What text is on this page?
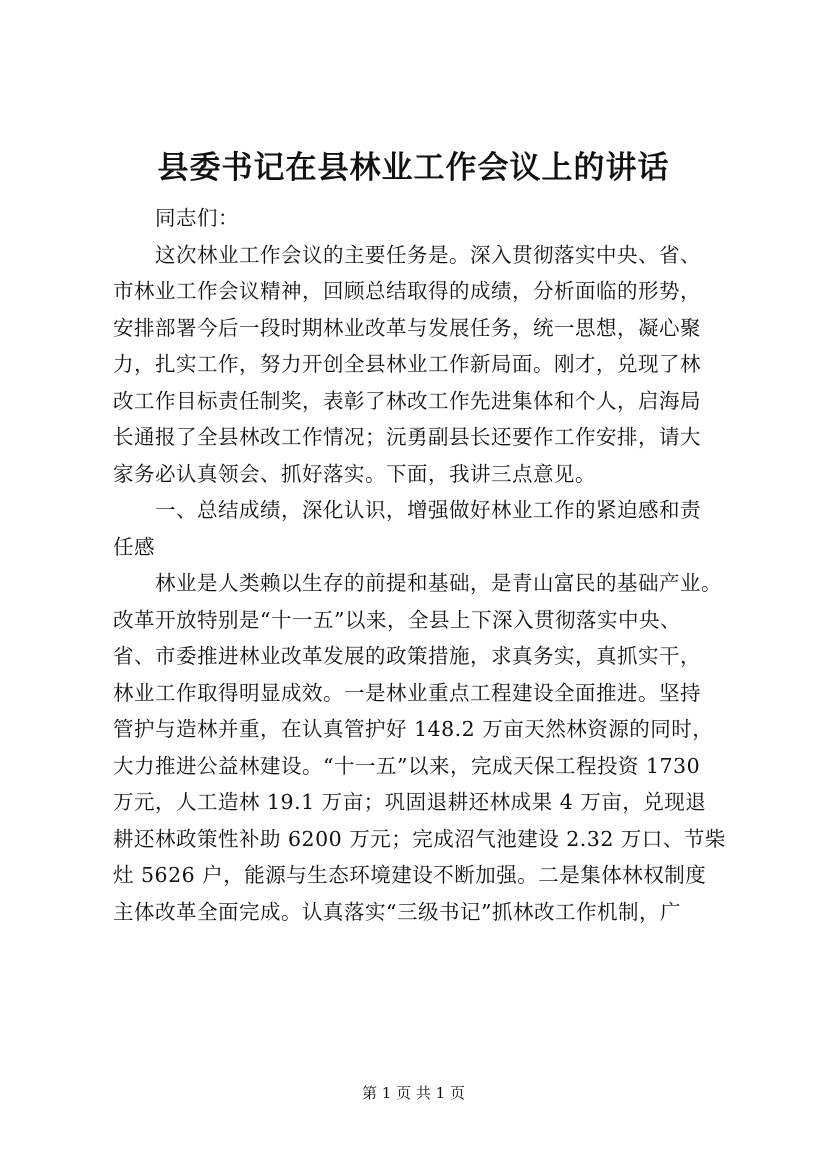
县委书记在县林业工作会议上的讲话
同志们：
这次林业工作会议的主要任务是。深入贯彻落实中央、省、
市林业工作会议精神，回顾总结取得的成绩，分析面临的形势，
安排部署今后一段时期林业改革与发展任务，统一思想，凝心聚
力，扎实工作，努力开创全县林业工作新局面。刚才，兑现了林
改工作目标责任制奖，表彰了林改工作先进集体和个人，启海局
长通报了全县林改工作情况；沅勇副县长还要作工作安排，请大
家务必认真领会、抓好落实。下面，我讲三点意见。
一、总结成绩，深化认识，增强做好林业工作的紧迫感和责
任感
林业是人类赖以生存的前提和基础，是青山富民的基础产业。
改革开放特别是“十一五”以来，全县上下深入贯彻落实中央、
省、市委推进林业改革发展的政策措施，求真务实，真抓实干，
林业工作取得明显成效。一是林业重点工程建设全面推进。坚持
管护与造林并重，在认真管护好 148.2 万亩天然林资源的同时，
大力推进公益林建设。“十一五”以来，完成天保工程投资 1730
万元，人工造林 19.1 万亩；巩固退耕还林成果 4 万亩，兑现退
耕还林政策性补助 6200 万元；完成沼气池建设 2.32 万口、节柴
灶 5626 户，能源与生态环境建设不断加强。二是集体林权制度
主体改革全面完成。认真落实“三级书记”抓林改工作机制，广
第 1 页 共 1 页
